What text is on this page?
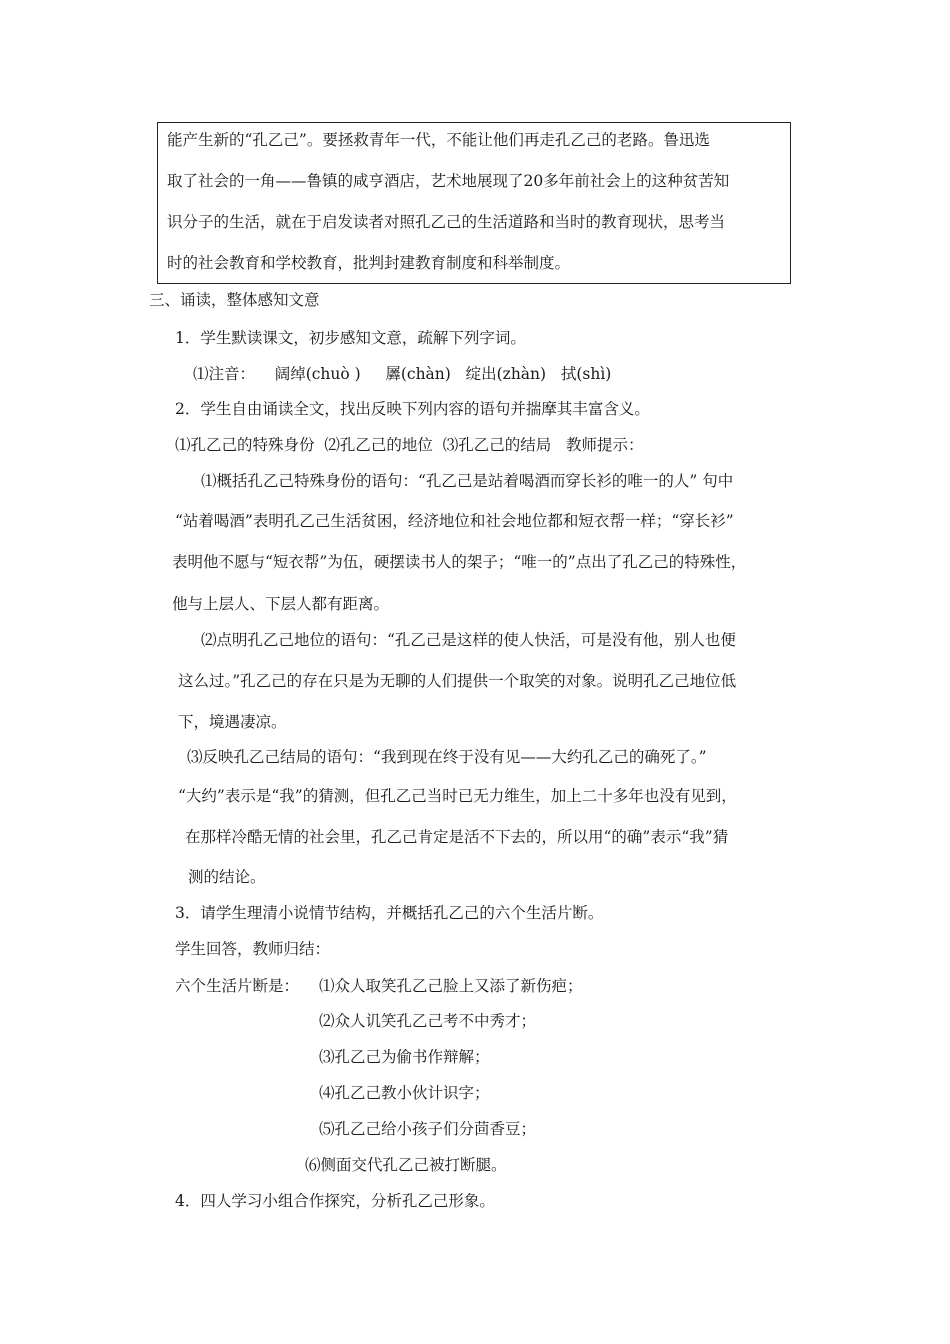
能产生新的“孔乙己”。要拯救青年一代，不能让他们再走孔乙己的老路。鲁迅选
取了社会的一角——鲁镇的咸亨酒店，艺术地展现了20多年前社会上的这种贫苦知
识分子的生活，就在于启发读者对照孔乙己的生活道路和当时的教育现状，思考当
时的社会教育和学校教育，批判封建教育制度和科举制度。
三、诵读，整体感知文意
1．学生默读课文，初步感知文意，疏解下列字词。
⑴注音：    阔绰(chuò )     羼(chàn)   绽出(zhàn)   拭(shì)
2．学生自由诵读全文，找出反映下列内容的语句并揣摩其丰富含义。
⑴孔乙己的特殊身份  ⑵孔乙己的地位  ⑶孔乙己的结局   教师提示：
⑴概括孔乙己特殊身份的语句：“孔乙己是站着喝酒而穿长衫的唯一的人” 句中
“站着喝酒”表明孔乙己生活贫困，经济地位和社会地位都和短衣帮一样；“穿长衫”
表明他不愿与“短衣帮”为伍，硬摆读书人的架子；“唯一的”点出了孔乙己的特殊性，
他与上层人、下层人都有距离。
⑵点明孔乙己地位的语句：“孔乙己是这样的使人快活，可是没有他，别人也便
这么过。”孔乙己的存在只是为无聊的人们提供一个取笑的对象。说明孔乙己地位低
下，境遇凄凉。
⑶反映孔乙己结局的语句：“我到现在终于没有见——大约孔乙己的确死了。”
“大约”表示是“我”的猜测，但孔乙己当时已无力维生，加上二十多年也没有见到，
在那样冷酷无情的社会里，孔乙己肯定是活不下去的，所以用“的确”表示“我”猜
测的结论。
3．请学生理清小说情节结构，并概括孔乙己的六个生活片断。
学生回答，教师归结：
六个生活片断是： ⑴众人取笑孔乙己脸上又添了新伤疤；
⑵众人讥笑孔乙己考不中秀才；
⑶孔乙己为偷书作辩解；
⑷孔乙己教小伙计识字；
⑸孔乙己给小孩子们分茴香豆；
⑹侧面交代孔乙己被打断腿。
4．四人学习小组合作探究，分析孔乙己形象。
